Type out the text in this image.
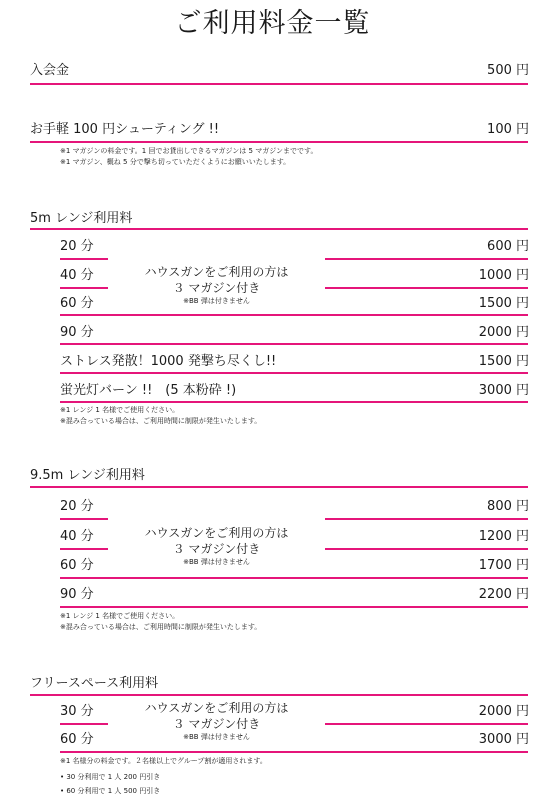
ご利用料金一覧
入会金	500 円
お手軽 100 円シューティング !!	100 円
※1 マガジンの料金です。1 回でお貸出しできるマガジンは 5 マガジンまでです。
※1 マガジン、概ね 5 分で撃ち切っていただくようにお願いいたします。
5m レンジ利用料
20 分	600 円
40 分	1000 円
60 分	1500 円
ハウスガンをご利用の方は
３ マガジン付き
※BB 弾は付きません
90 分	2000 円
ストレス発散！1000 発撃ち尽くし!!	1500 円
蛍光灯バーン !!　(5 本粉砕 !)	3000 円
※1 レンジ 1 名様でご使用ください。
※混み合っている場合は、ご利用時間に制限が発生いたします。
9.5m レンジ利用料
20 分	800 円
40 分	1200 円
60 分	1700 円
ハウスガンをご利用の方は
３ マガジン付き
※BB 弾は付きません
90 分	2200 円
※1 レンジ 1 名様でご使用ください。
※混み合っている場合は、ご利用時間に制限が発生いたします。
フリースペース利用料
30 分	2000 円
60 分	3000 円
ハウスガンをご利用の方は
３ マガジン付き
※BB 弾は付きません
※1 名様分の料金です。２名様以上でグループ割が適用されます。
• 30 分利用で 1 人 200 円引き
• 60 分利用で 1 人 500 円引き
